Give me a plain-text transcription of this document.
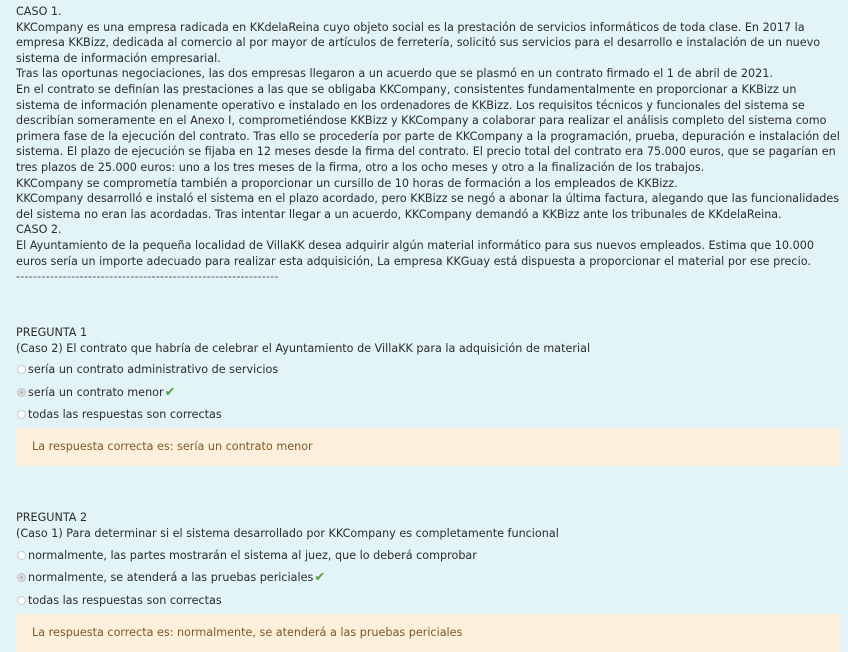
CASO 1.

KKCompany es una empresa radicada en KKdelaReina cuyo objeto social es la prestación de servicios informáticos de toda clase. En 2017 la empresa KKBizz, dedicada al comercio al por mayor de artículos de ferretería, solicitó sus servicios para el desarrollo e instalación de un nuevo sistema de información empresarial.

Tras las oportunas negociaciones, las dos empresas llegaron a un acuerdo que se plasmó en un contrato firmado el 1 de abril de 2021.

En el contrato se definían las prestaciones a las que se obligaba KKCompany, consistentes fundamentalmente en proporcionar a KKBizz un sistema de información plenamente operativo e instalado en los ordenadores de KKBizz. Los requisitos técnicos y funcionales del sistema se describían someramente en el Anexo I, comprometiéndose KKBizz y KKCompany a colaborar para realizar el análisis completo del sistema como primera fase de la ejecución del contrato. Tras ello se procedería por parte de KKCompany a la programación, prueba, depuración e instalación del sistema. El plazo de ejecución se fijaba en 12 meses desde la firma del contrato. El precio total del contrato era 75.000 euros, que se pagarían en tres plazos de 25.000 euros: uno a los tres meses de la firma, otro a los ocho meses y otro a la finalización de los trabajos.

KKCompany se comprometía también a proporcionar un cursillo de 10 horas de formación a los empleados de KKBizz.

KKCompany desarrolló e instaló el sistema en el plazo acordado, pero KKBizz se negó a abonar la última factura, alegando que las funcionalidades del sistema no eran las acordadas. Tras intentar llegar a un acuerdo, KKCompany demandó a KKBizz ante los tribunales de KKdelaReina.

CASO 2.

El Ayuntamiento de la pequeña localidad de VillaKK desea adquirir algún material informático para sus nuevos empleados. Estima que 10.000 euros sería un importe adecuado para realizar esta adquisición, La empresa KKGuay está dispuesta a proporcionar el material por ese precio.

--------------------------------------------------------------

PREGUNTA 1
(Caso 2) El contrato que habría de celebrar el Ayuntamiento de VillaKK para la adquisición de material
sería un contrato administrativo de servicios
sería un contrato menor ✔
todas las respuestas son correctas
La respuesta correcta es: sería un contrato menor
PREGUNTA 2
(Caso 1) Para determinar si el sistema desarrollado por KKCompany es completamente funcional
normalmente, las partes mostrarán el sistema al juez, que lo deberá comprobar
normalmente, se atenderá a las pruebas periciales ✔
todas las respuestas son correctas
La respuesta correcta es: normalmente, se atenderá a las pruebas periciales
